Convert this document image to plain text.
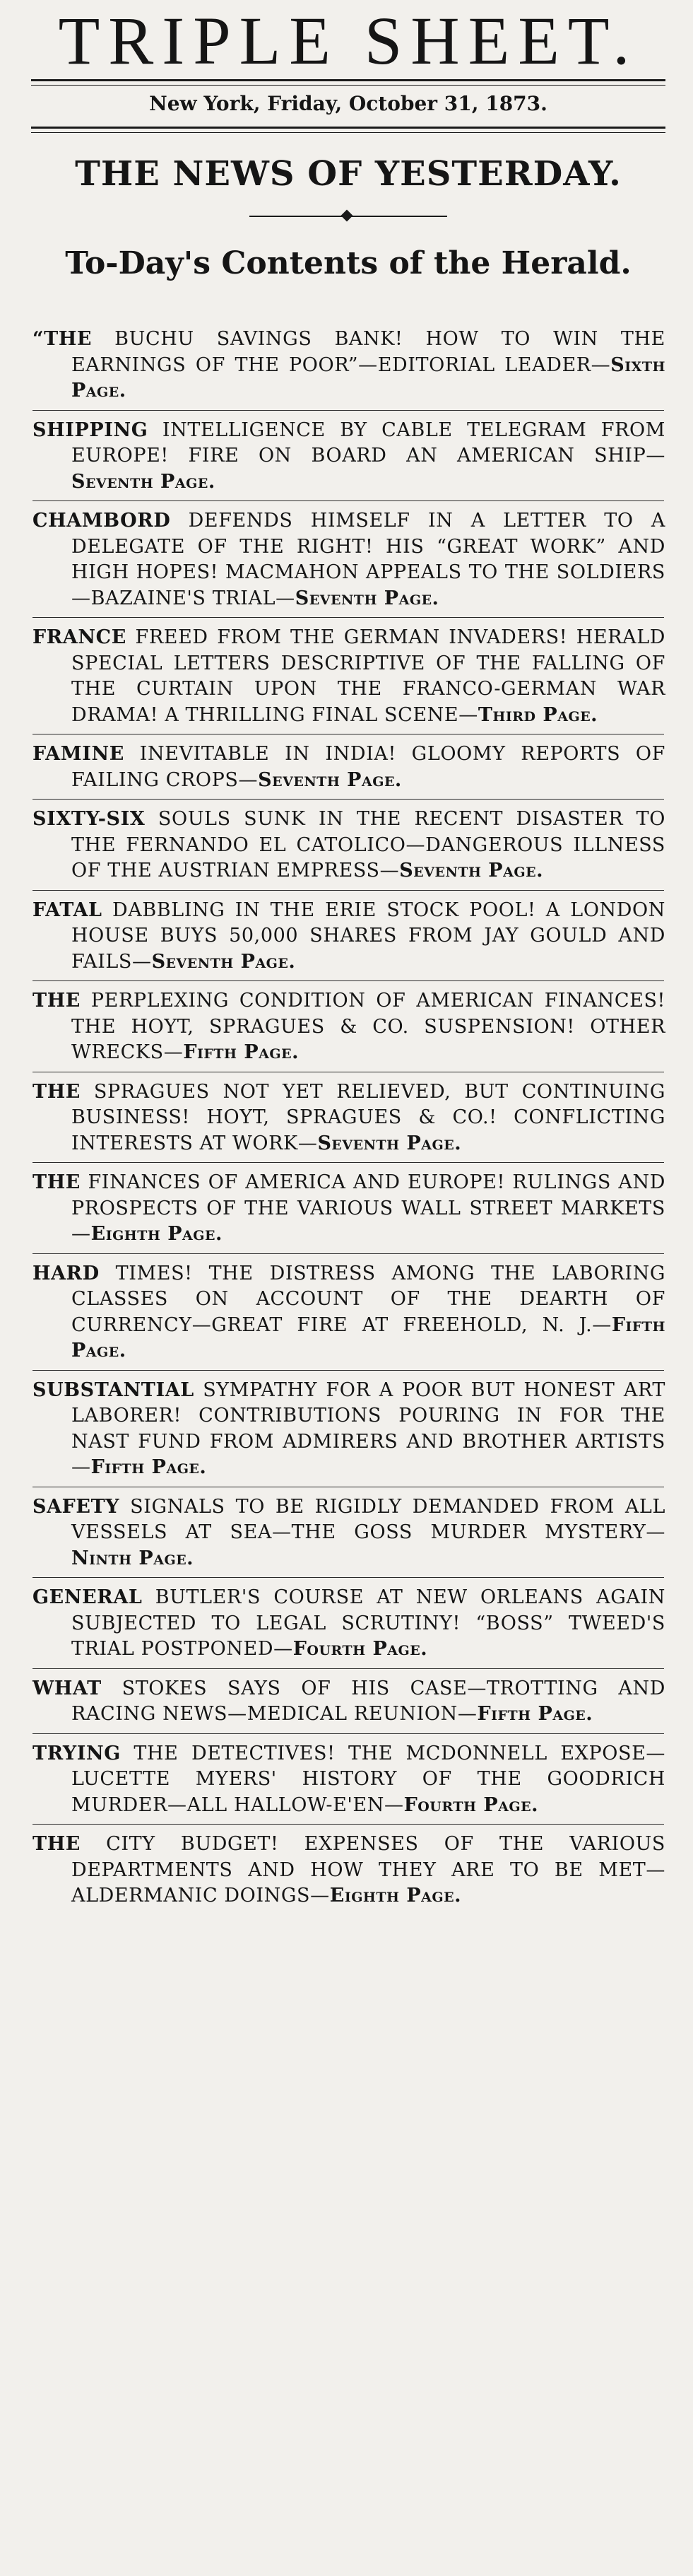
TRIPLE SHEET.
New York, Friday, October 31, 1873.
THE NEWS OF YESTERDAY.
To-Day's Contents of the Herald.
“THE BUCHU SAVINGS BANK! HOW TO WIN THE EARNINGS OF THE POOR”—EDITORIAL LEADER—Sixth Page.
SHIPPING INTELLIGENCE BY CABLE TELEGRAM FROM EUROPE! FIRE ON BOARD AN AMERICAN SHIP—Seventh Page.
CHAMBORD DEFENDS HIMSELF IN A LETTER TO A DELEGATE OF THE RIGHT! HIS “GREAT WORK” AND HIGH HOPES! MACMAHON APPEALS TO THE SOLDIERS—BAZAINE'S TRIAL—Seventh Page.
FRANCE FREED FROM THE GERMAN INVADERS! HERALD SPECIAL LETTERS DESCRIPTIVE OF THE FALLING OF THE CURTAIN UPON THE FRANCO-GERMAN WAR DRAMA! A THRILLING FINAL SCENE—Third Page.
FAMINE INEVITABLE IN INDIA! GLOOMY REPORTS OF FAILING CROPS—Seventh Page.
SIXTY-SIX SOULS SUNK IN THE RECENT DISASTER TO THE FERNANDO EL CATOLICO—DANGEROUS ILLNESS OF THE AUSTRIAN EMPRESS—Seventh Page.
FATAL DABBLING IN THE ERIE STOCK POOL! A LONDON HOUSE BUYS 50,000 SHARES FROM JAY GOULD AND FAILS—Seventh Page.
THE PERPLEXING CONDITION OF AMERICAN FINANCES! THE HOYT, SPRAGUES & CO. SUSPENSION! OTHER WRECKS—Fifth Page.
THE SPRAGUES NOT YET RELIEVED, BUT CONTINUING BUSINESS! HOYT, SPRAGUES & CO.! CONFLICTING INTERESTS AT WORK—Seventh Page.
THE FINANCES OF AMERICA AND EUROPE! RULINGS AND PROSPECTS OF THE VARIOUS WALL STREET MARKETS—Eighth Page.
HARD TIMES! THE DISTRESS AMONG THE LABORING CLASSES ON ACCOUNT OF THE DEARTH OF CURRENCY—GREAT FIRE AT FREEHOLD, N. J.—Fifth Page.
SUBSTANTIAL SYMPATHY FOR A POOR BUT HONEST ART LABORER! CONTRIBUTIONS POURING IN FOR THE NAST FUND FROM ADMIRERS AND BROTHER ARTISTS—Fifth Page.
SAFETY SIGNALS TO BE RIGIDLY DEMANDED FROM ALL VESSELS AT SEA—THE GOSS MURDER MYSTERY—Ninth Page.
GENERAL BUTLER'S COURSE AT NEW ORLEANS AGAIN SUBJECTED TO LEGAL SCRUTINY! “BOSS” TWEED'S TRIAL POSTPONED—Fourth Page.
WHAT STOKES SAYS OF HIS CASE—TROTTING AND RACING NEWS—MEDICAL REUNION—Fifth Page.
TRYING THE DETECTIVES! THE MCDONNELL EXPOSE—LUCETTE MYERS' HISTORY OF THE GOODRICH MURDER—ALL HALLOW-E'EN—Fourth Page.
THE CITY BUDGET! EXPENSES OF THE VARIOUS DEPARTMENTS AND HOW THEY ARE TO BE MET—ALDERMANIC DOINGS—Eighth Page.
